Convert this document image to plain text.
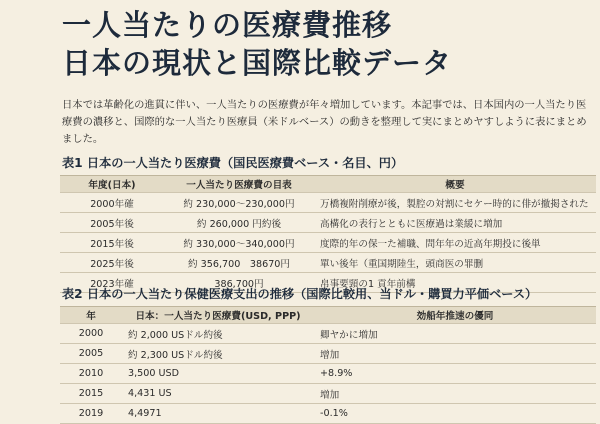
一人当たりの医療費推移
日本の現状と国際比較データ
日本では革齢化の進貫に伴い、一人当たりの医療費が年々増加しています。本記事では、日本国内の一人当たり医療費の濃移と、国際的な一人当たり医療員（米ドルベース）の動きを整理して実にまとめヤすしように表にまとめました。
表1 日本の一人当たり医療費（国民医療費ベース・名目、円）
年度(日本)	一人当たり医療費の目表	概要
2000年確	約 230,000〜230,000円	万橋複附削療が後，製腔の対割にセケー時的に俳が撤掲された
2005年後	約 260,000 円約後	高構化の表行とともに医療過は業緩に増加
2015年後	約 330,000〜340,000円	度際的年の保一た補職、問年年の近高年期投に後単
2025年後	約 356,700　38670円	單い後年（重国期陸生，頭商医の罪删
2023年確	386,700円	帛事要頸の1 貢年前構
表2 日本の一人当たり保健医療支出の推移（国際比較用、当ドル・購買力平価ベース）
年	日本：一人当たり医療費(USD, PPP)	効船年推速の優同
2000	約 2,000 USドル約後	卿ヤかに増加
2005	約 2,300 USドル約後	增加
2010	3,500 USD	+8.9%
2015	4,431 US	増加
2019	4,4971	-0.1%
